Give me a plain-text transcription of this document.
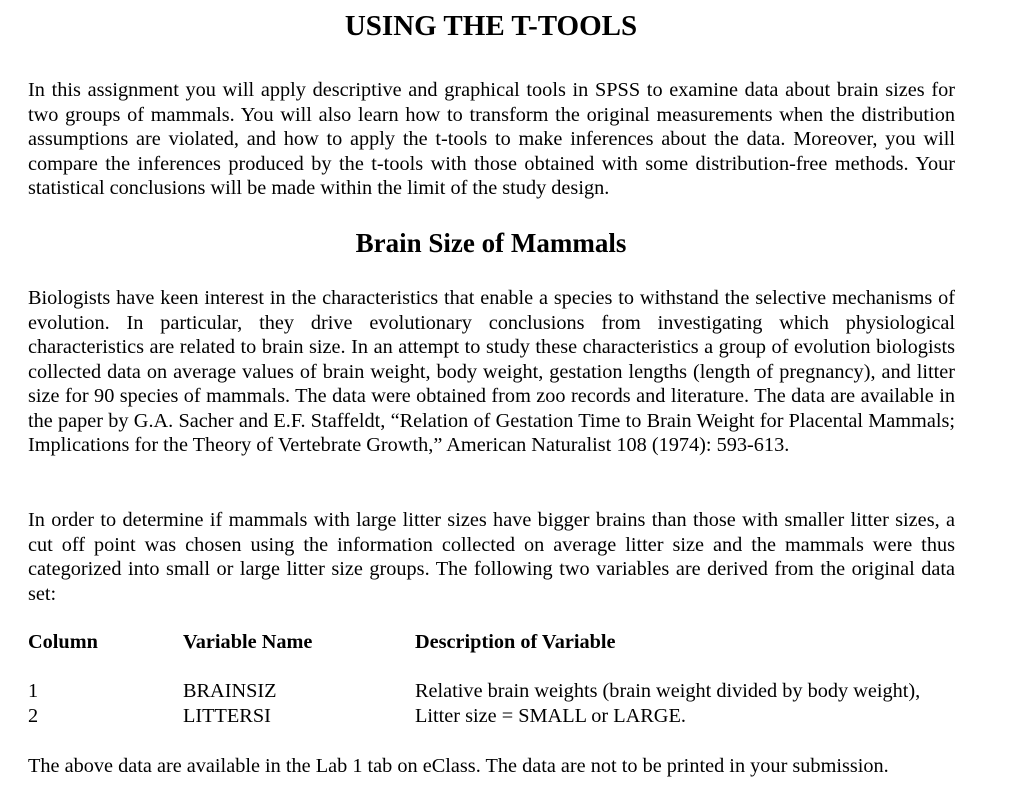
USING THE T-TOOLS

In this assignment you will apply descriptive and graphical tools in SPSS to examine data about brain sizes for two groups of mammals. You will also learn how to transform the original measurements when the distribution assumptions are violated, and how to apply the t-tools to make inferences about the data. Moreover, you will compare the inferences produced by the t-tools with those obtained with some distribution-free methods. Your statistical conclusions will be made within the limit of the study design.

Brain Size of Mammals

Biologists have keen interest in the characteristics that enable a species to withstand the selective mechanisms of evolution. In particular, they drive evolutionary conclusions from investigating which physiological characteristics are related to brain size. In an attempt to study these characteristics a group of evolution biologists collected data on average values of brain weight, body weight, gestation lengths (length of pregnancy), and litter size for 90 species of mammals. The data were obtained from zoo records and literature. The data are available in the paper by G.A. Sacher and E.F. Staffeldt, “Relation of Gestation Time to Brain Weight for Placental Mammals; Implications for the Theory of Vertebrate Growth,” American Naturalist 108 (1974): 593-613.

In order to determine if mammals with large litter sizes have bigger brains than those with smaller litter sizes, a cut off point was chosen using the information collected on average litter size and the mammals were thus categorized into small or large litter size groups. The following two variables are derived from the original data set:

Column	Variable Name	Description of Variable
1	BRAINSIZ	Relative brain weights (brain weight divided by body weight),
2	LITTERSI	Litter size = SMALL or LARGE.

The above data are available in the Lab 1 tab on eClass. The data are not to be printed in your submission.
